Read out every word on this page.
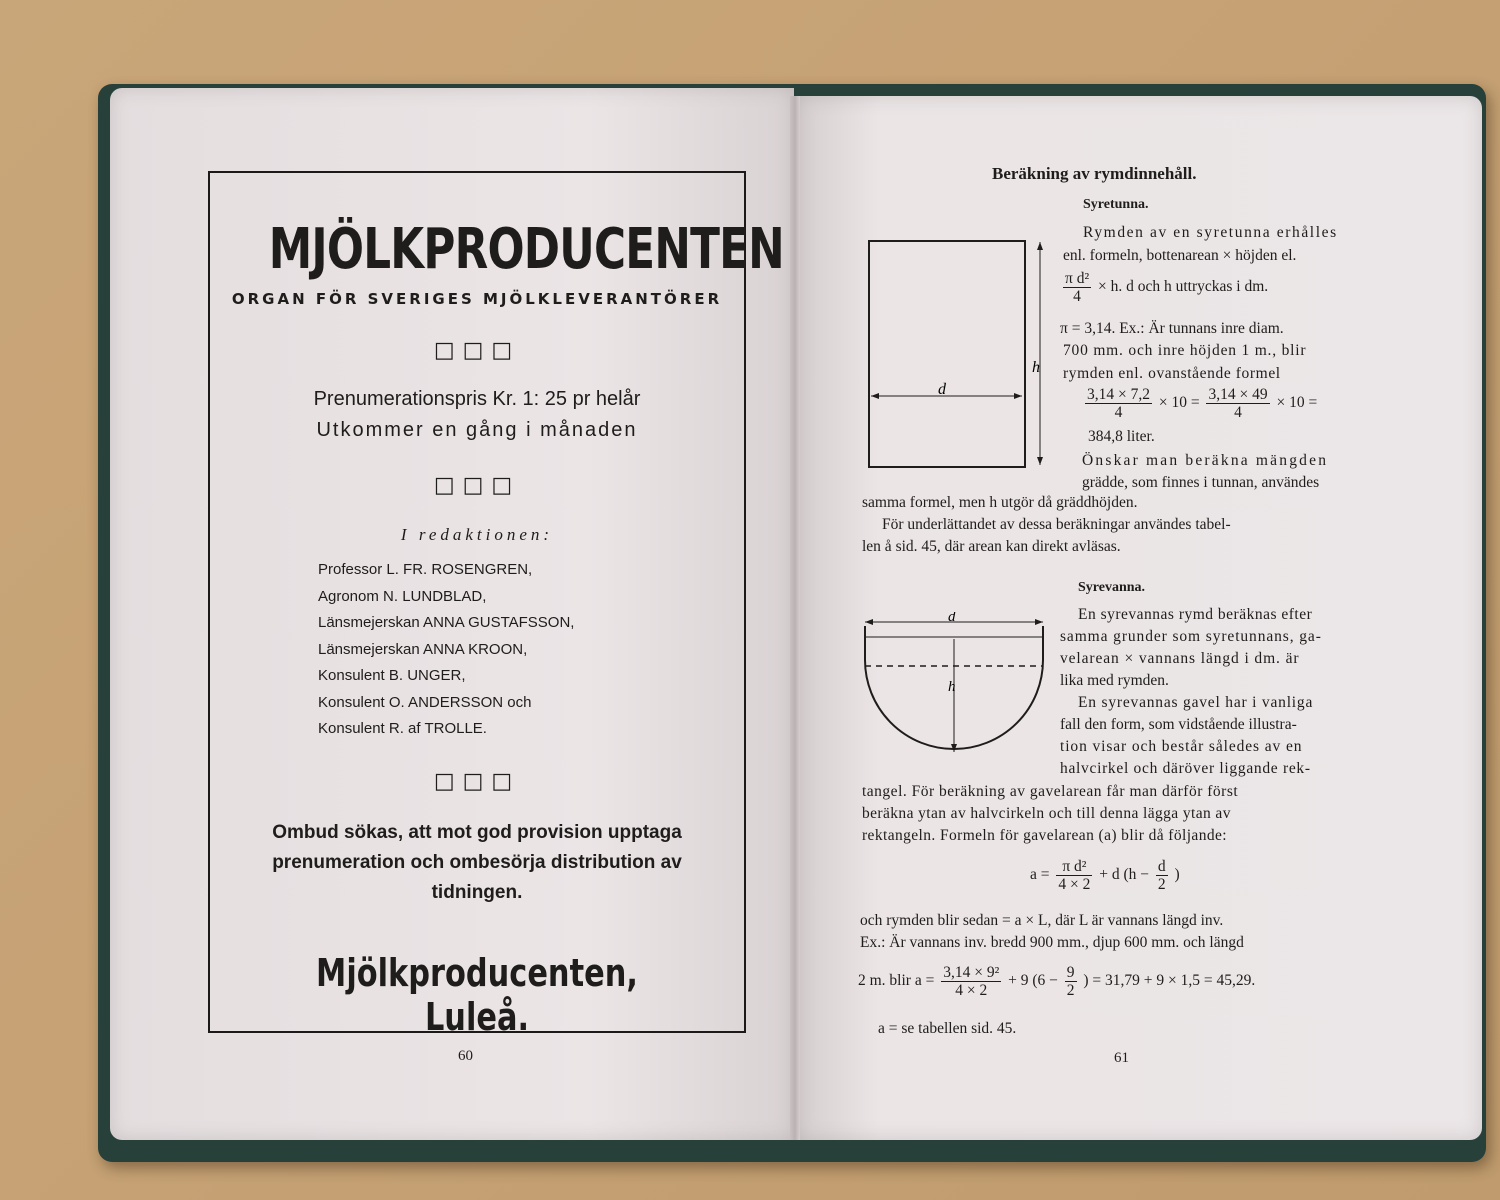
MJÖLKPRODUCENTEN
ORGAN FÖR SVERIGES MJÖLKLEVERANTÖRER
□□□
Prenumerationspris Kr. 1: 25 pr helår
Utkommer en gång i månaden
□□□
I redaktionen:
Professor L. FR. ROSENGREN,
Agronom N. LUNDBLAD,
Länsmejerskan ANNA GUSTAFSSON,
Länsmejerskan ANNA KROON,
Konsulent B. UNGER,
Konsulent O. ANDERSSON och
Konsulent R. af TROLLE.
□□□
Ombud sökas, att mot god provision upptaga
prenumeration och ombesörja distribution av
tidningen.
Mjölkproducenten, Luleå.
60
Beräkning av rymdinnehåll.
Syretunna.
d
h
Rymden av en syretunna erhålles
enl. formeln, bottenarean × höjden el.
$\frac{\text{π d²}}{4} \times h$. d och h uttryckas i dm.
π = 3,14. Ex.: Är tunnans inre diam.
700 mm. och inre höjden 1 m., blir
rymden enl. ovanstående formel
$\frac{3,14 \times 7,2}{4} \times 10 = \frac{3,14 \times 49}{4} \times 10$ =
384,8 liter.
Önskar man beräkna mängden
grädde, som finnes i tunnan, användes
samma formel, men h utgör då gräddhöjden.
För underlättandet av dessa beräkningar användes tabel-
len å sid. 45, där arean kan direkt avläsas.
Syrevanna.
d
h
En syrevannas rymd beräknas efter
samma grunder som syretunnans, ga-
velarean × vannans längd i dm. är
lika med rymden.
En syrevannas gavel har i vanliga
fall den form, som vidstående illustra-
tion visar och består således av en
halvcirkel och däröver liggande rek-
tangel. För beräkning av gavelarean får man därför först
beräkna ytan av halvcirkeln och till denna lägga ytan av
rektangeln. Formeln för gavelarean (a) blir då följande:
$a = \frac{\text{π d²}}{4 \times 2} + d$ ($h - \frac{d}{2}$ )
och rymden blir sedan = a × L, där L är vannans längd inv.
Ex.: Är vannans inv. bredd 900 mm., djup 600 mm. och längd
2 m. blir $a = \frac{\text{3,14 × 9²}}{4 \times 2} + 9$ ($6 - \frac{9}{2}$ ) = 31,79 + 9 × 1,5 = 45,29.
a = se tabellen sid. 45.
61
